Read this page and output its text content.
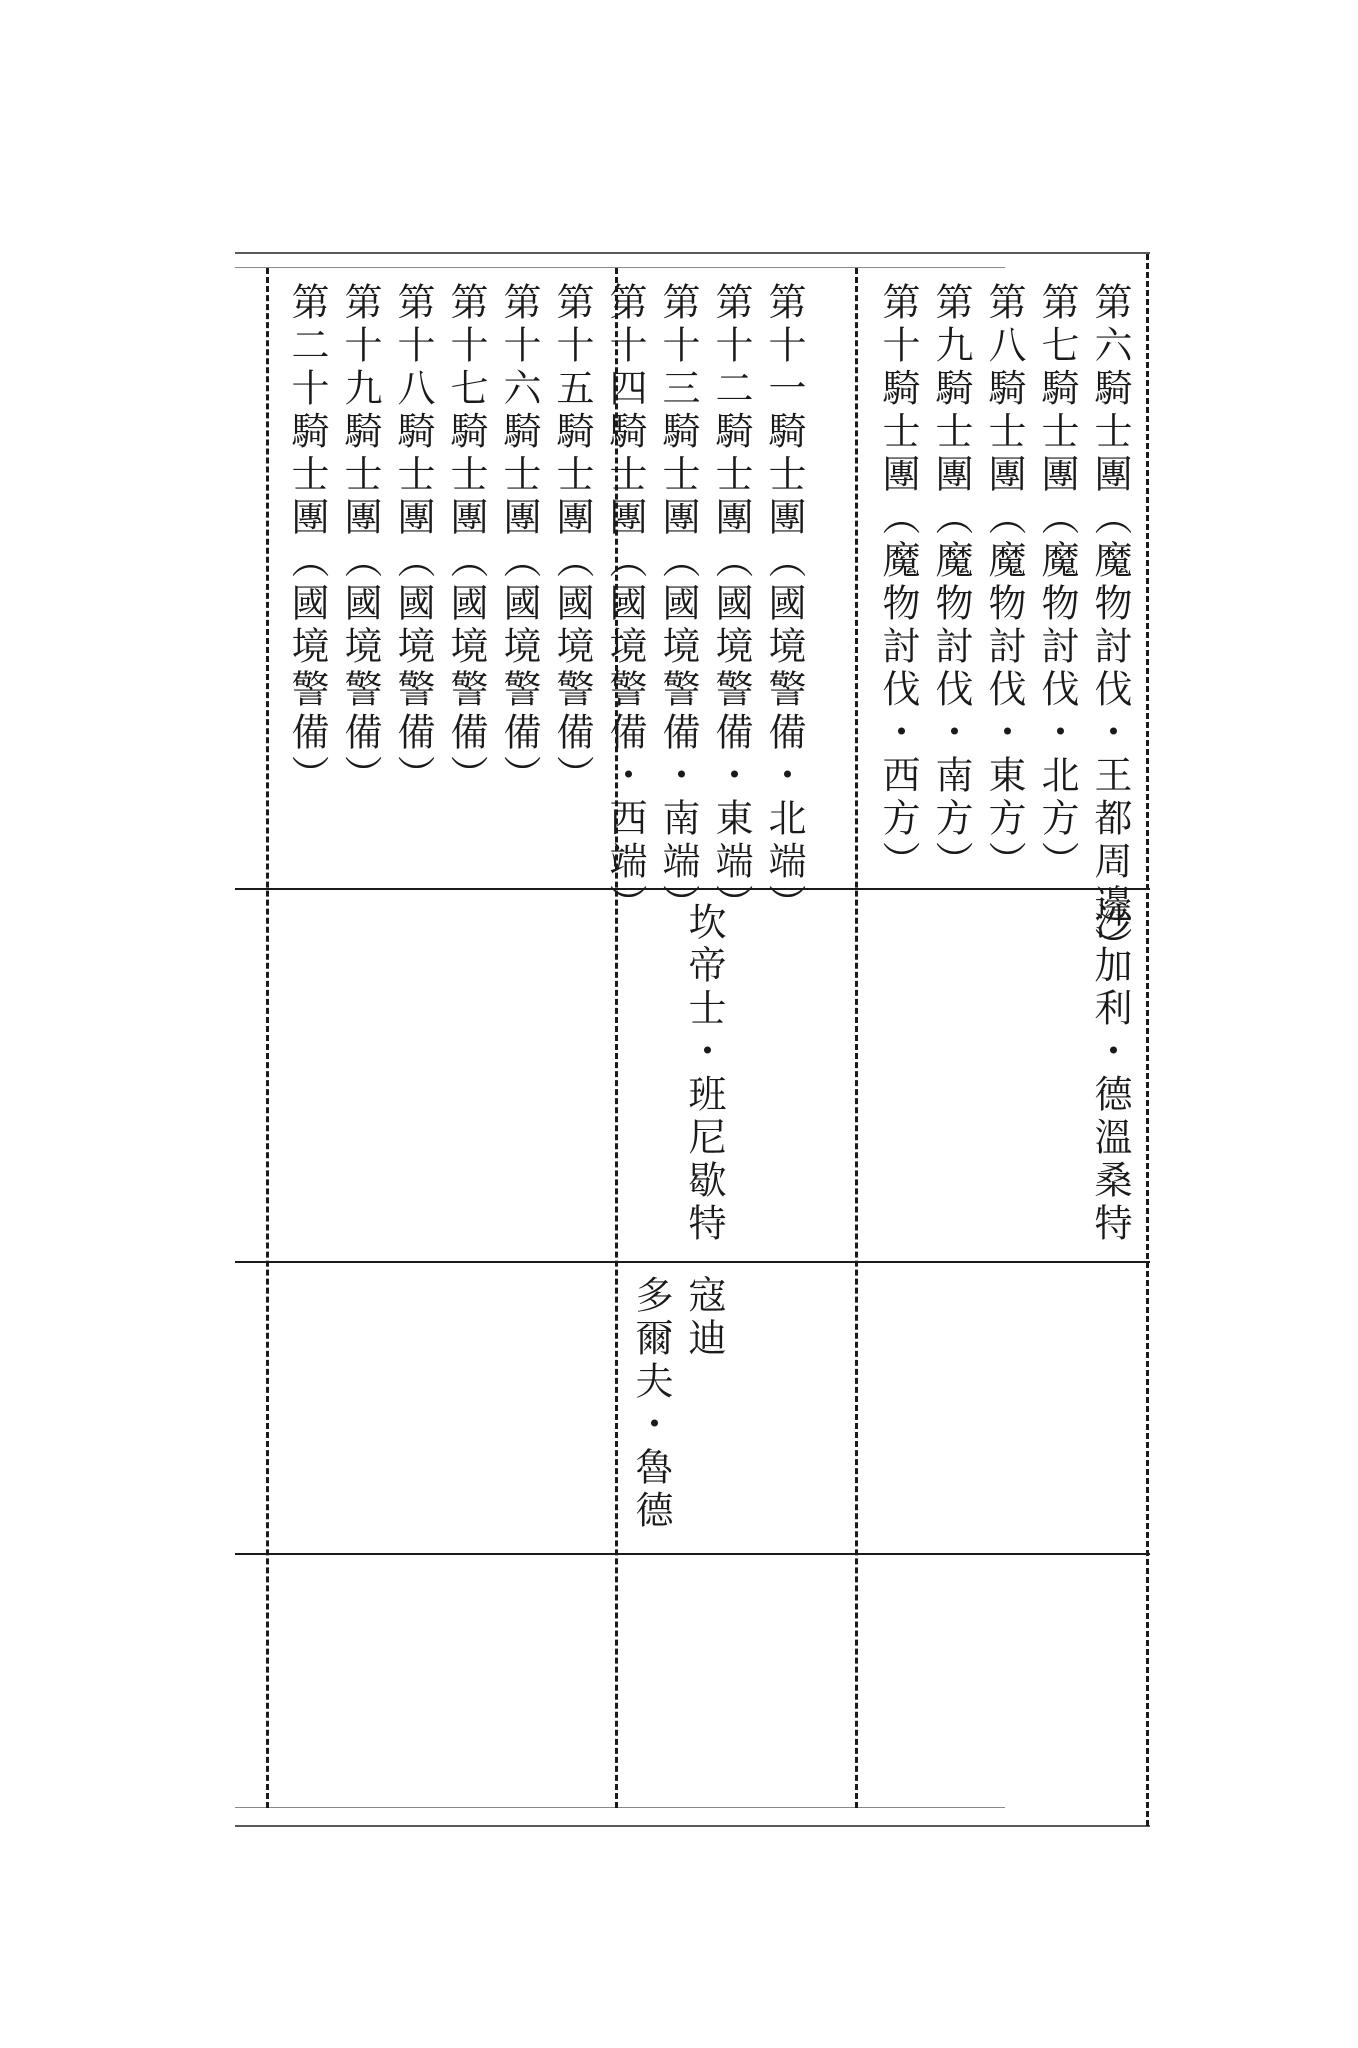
第六騎士團（魔物討伐・王都周邊）
第七騎士團（魔物討伐・北方）
第八騎士團（魔物討伐・東方）
第九騎士團（魔物討伐・南方）
第十騎士團（魔物討伐・西方）
沙加利・德溫桑特
第十一騎士團（國境警備・北端）
第十二騎士團（國境警備・東端）
第十三騎士團（國境警備・南端）
第十四騎士團（國境警備・西端）
坎帝士・班尼歇特
寇迪
多爾夫・魯德
第十五騎士團（國境警備）
第十六騎士團（國境警備）
第十七騎士團（國境警備）
第十八騎士團（國境警備）
第十九騎士團（國境警備）
第二十騎士團（國境警備）
